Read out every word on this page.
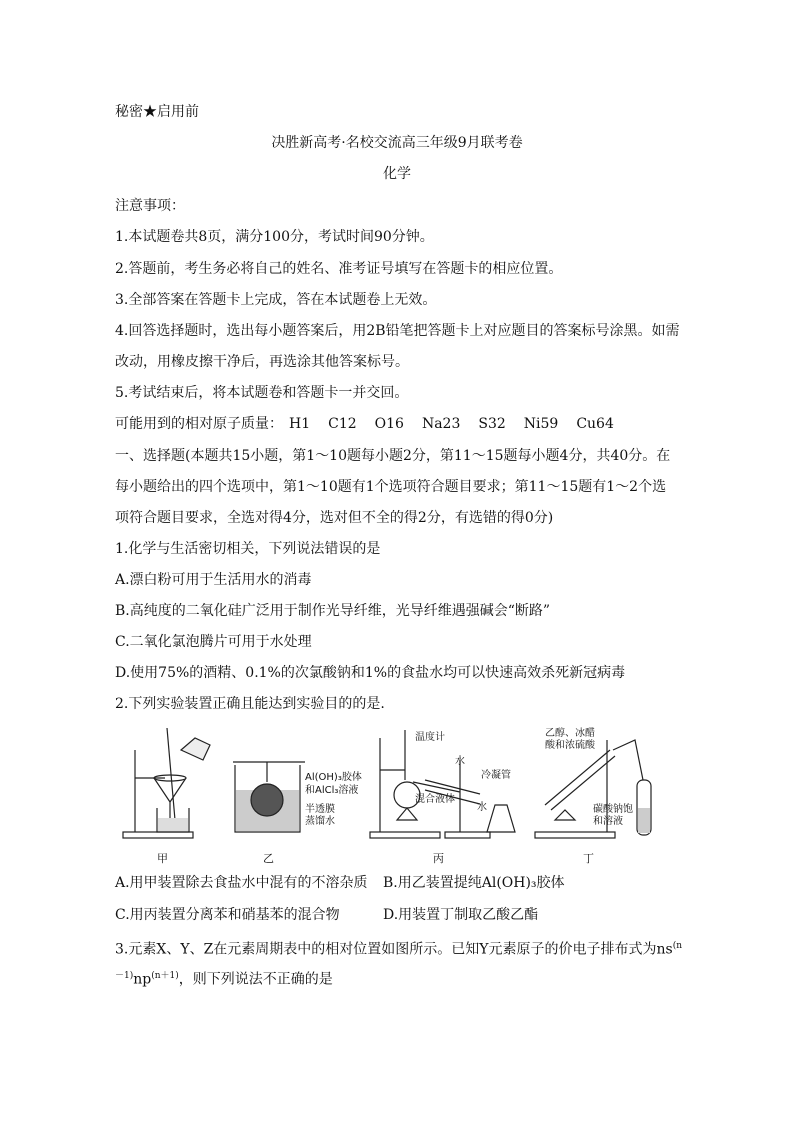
秘密★启用前
决胜新高考·名校交流高三年级9月联考卷
化学
注意事项：
1.本试题卷共8页，满分100分，考试时间90分钟。
2.答题前，考生务必将自己的姓名、准考证号填写在答题卡的相应位置。
3.全部答案在答题卡上完成，答在本试题卷上无效。
4.回答选择题时，选出每小题答案后，用2B铅笔把答题卡上对应题目的答案标号涂黑。如需
改动，用橡皮擦干净后，再选涂其他答案标号。
5.考试结束后，将本试题卷和答题卡一并交回。
可能用到的相对原子质量： H1 C12 O16 Na23 S32 Ni59 Cu64
一、选择题(本题共15小题，第1～10题每小题2分，第11～15题每小题4分，共40分。在
每小题给出的四个选项中，第1～10题有1个选项符合题目要求；第11～15题有1～2个选
项符合题目要求，全选对得4分，选对但不全的得2分，有选错的得0分)
1.化学与生活密切相关，下列说法错误的是
A.漂白粉可用于生活用水的消毒
B.高纯度的二氧化硅广泛用于制作光导纤维，光导纤维遇强碱会“断路”
C.二氧化氯泡腾片可用于水处理
D.使用75%的酒精、0.1%的次氯酸钠和1%的食盐水均可以快速高效杀死新冠病毒
2.下列实验装置正确且能达到实验目的的是.
甲
Al(OH)₃胶体
和AlCl₃溶液
半透膜
蒸馏水
乙
温度计
水
冷凝管
混合液体
水
丙
乙醇、冰醋
酸和浓硫酸
碳酸钠饱
和溶液
丁
A.用甲装置除去食盐水中混有的不溶杂质 B.用乙装置提纯Al(OH)₃胶体
C.用丙装置分离苯和硝基苯的混合物	D.用装置丁制取乙酸乙酯
3.元素X、Y、Z在元素周期表中的相对位置如图所示。已知Y元素原子的价电子排布式为$ns^{(n}$
$^{-1)}np^{(n+1)}$，则下列说法不正确的是
